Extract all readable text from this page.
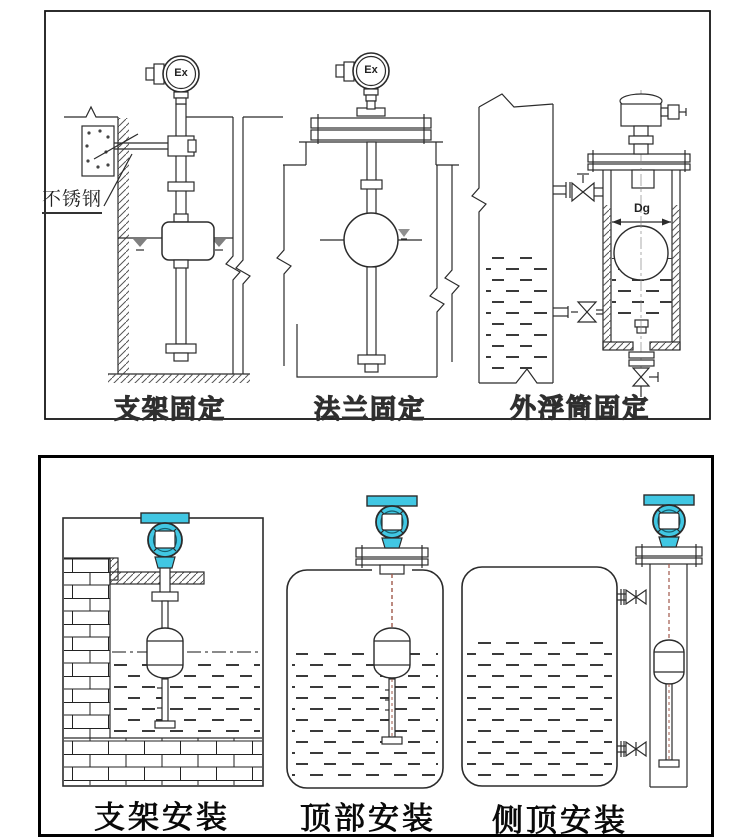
Ex	Ex
不锈钢	Dg
支架固定	法兰固定	外浮筒固定
支架安装	顶部安装	侧顶安装
